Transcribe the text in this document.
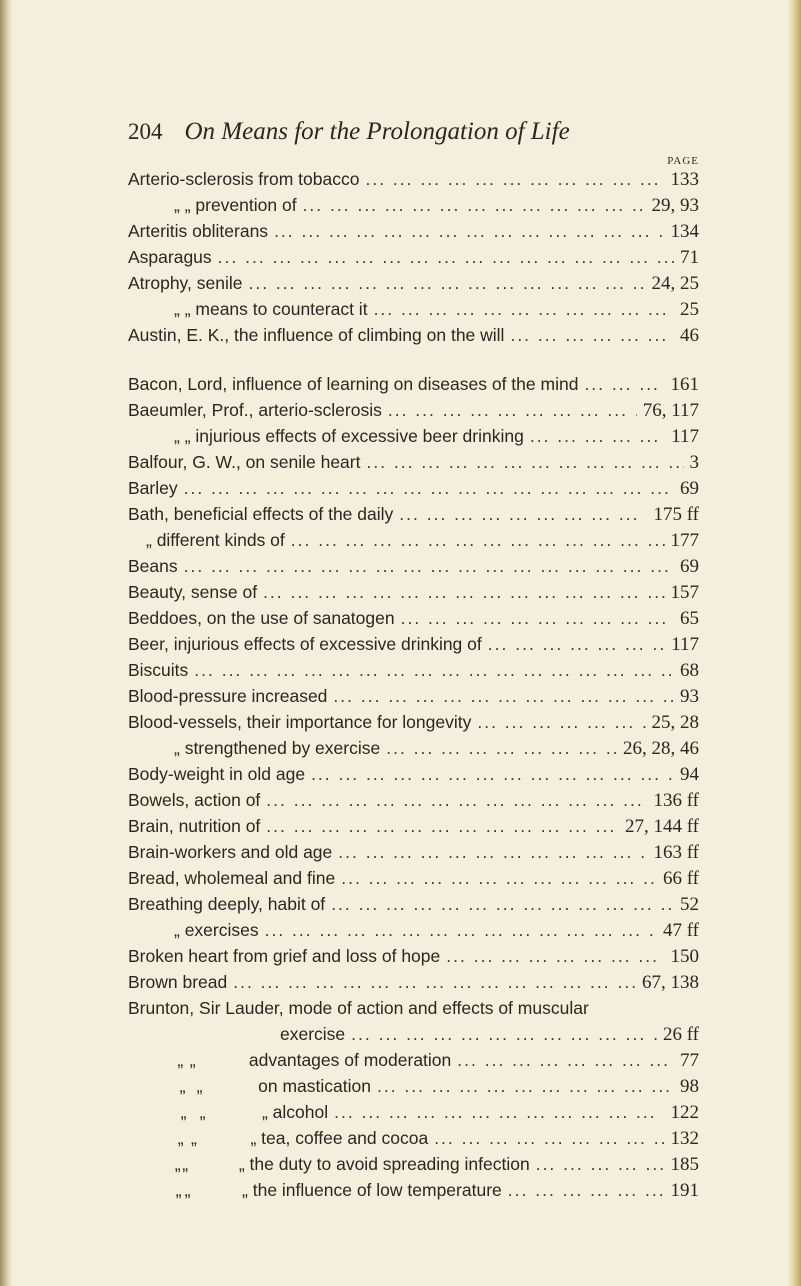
204 On Means for the Prolongation of Life
PAGE
Arterio-sclerosis from tobacco ... .	133
„ „ prevention of ... .	29, 93
Arteritis obliterans ... .	134
Asparagus ... .	71
Atrophy, senile ... .	24, 25
„ „ means to counteract it ... .	25
Austin, E. K., the influence of climbing on the will ... .	46
Bacon, Lord, influence of learning on diseases of the mind ... .	161
Baeumler, Prof., arterio-sclerosis ... .	76, 117
„ „ injurious effects of excessive beer drinking ... .	117
Balfour, G. W., on senile heart ... .	3
Barley ... .	69
Bath, beneficial effects of the daily ... .	175 ff
„ different kinds of ... .	177
Beans ... .	69
Beauty, sense of ... .	157
Beddoes, on the use of sanatogen ... .	65
Beer, injurious effects of excessive drinking of ... .	117
Biscuits ... .	68
Blood-pressure increased ... .	93
Blood-vessels, their importance for longevity ... .	25, 28
„ strengthened by exercise ... .	26, 28, 46
Body-weight in old age ... .	94
Bowels, action of ... .	136 ff
Brain, nutrition of ... .	27, 144 ff
Brain-workers and old age ... .	163 ff
Bread, wholemeal and fine ... .	66 ff
Breathing deeply, habit of ... .	52
„ exercises ... .	47 ff
Broken heart from grief and loss of hope ... .	150
Brown bread ... .	67, 138
Brunton, Sir Lauder, mode of action and effects of muscular
exercise ... .	26 ff
„ „	advantages of moderation ... .	77
„ „	on mastication ... .	98
„ „	„ alcohol ... .	122
„ „	„ tea, coffee and cocoa ... .	132
„ „	„ the duty to avoid spreading infection ... .	185
„ „	„ the influence of low temperature ... .	191
